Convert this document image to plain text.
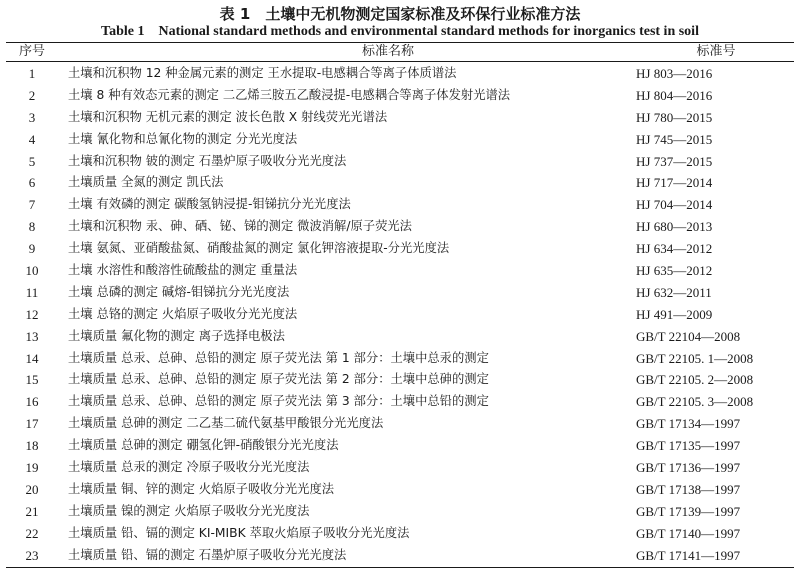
表 1　土壤中无机物测定国家标准及环保行业标准方法
Table 1　National standard methods and environmental standard methods for inorganics test in soil
序号	标准名称	标准号
1	土壤和沉积物 12 种金属元素的测定 王水提取-电感耦合等离子体质谱法	HJ 803—2016
2	土壤 8 种有效态元素的测定 二乙烯三胺五乙酸浸提-电感耦合等离子体发射光谱法	HJ 804—2016
3	土壤和沉积物 无机元素的测定 波长色散 X 射线荧光光谱法	HJ 780—2015
4	土壤 氰化物和总氰化物的测定 分光光度法	HJ 745—2015
5	土壤和沉积物 铍的测定 石墨炉原子吸收分光光度法	HJ 737—2015
6	土壤质量 全氮的测定 凯氏法	HJ 717—2014
7	土壤 有效磷的测定 碳酸氢钠浸提-钼锑抗分光光度法	HJ 704—2014
8	土壤和沉积物 汞、砷、硒、铋、锑的测定 微波消解/原子荧光法	HJ 680—2013
9	土壤 氨氮、亚硝酸盐氮、硝酸盐氮的测定 氯化钾溶液提取-分光光度法	HJ 634—2012
10	土壤 水溶性和酸溶性硫酸盐的测定 重量法	HJ 635—2012
11	土壤 总磷的测定 碱熔-钼锑抗分光光度法	HJ 632—2011
12	土壤 总铬的测定 火焰原子吸收分光光度法	HJ 491—2009
13	土壤质量 氟化物的测定 离子选择电极法	GB/T 22104—2008
14	土壤质量 总汞、总砷、总铅的测定 原子荧光法 第 1 部分：土壤中总汞的测定	GB/T 22105. 1—2008
15	土壤质量 总汞、总砷、总铅的测定 原子荧光法 第 2 部分：土壤中总砷的测定	GB/T 22105. 2—2008
16	土壤质量 总汞、总砷、总铅的测定 原子荧光法 第 3 部分：土壤中总铅的测定	GB/T 22105. 3—2008
17	土壤质量 总砷的测定 二乙基二硫代氨基甲酸银分光光度法	GB/T 17134—1997
18	土壤质量 总砷的测定 硼氢化钾-硝酸银分光光度法	GB/T 17135—1997
19	土壤质量 总汞的测定 冷原子吸收分光光度法	GB/T 17136—1997
20	土壤质量 铜、锌的测定 火焰原子吸收分光光度法	GB/T 17138—1997
21	土壤质量 镍的测定 火焰原子吸收分光光度法	GB/T 17139—1997
22	土壤质量 铅、镉的测定 KI-MIBK 萃取火焰原子吸收分光光度法	GB/T 17140—1997
23	土壤质量 铅、镉的测定 石墨炉原子吸收分光光度法	GB/T 17141—1997
